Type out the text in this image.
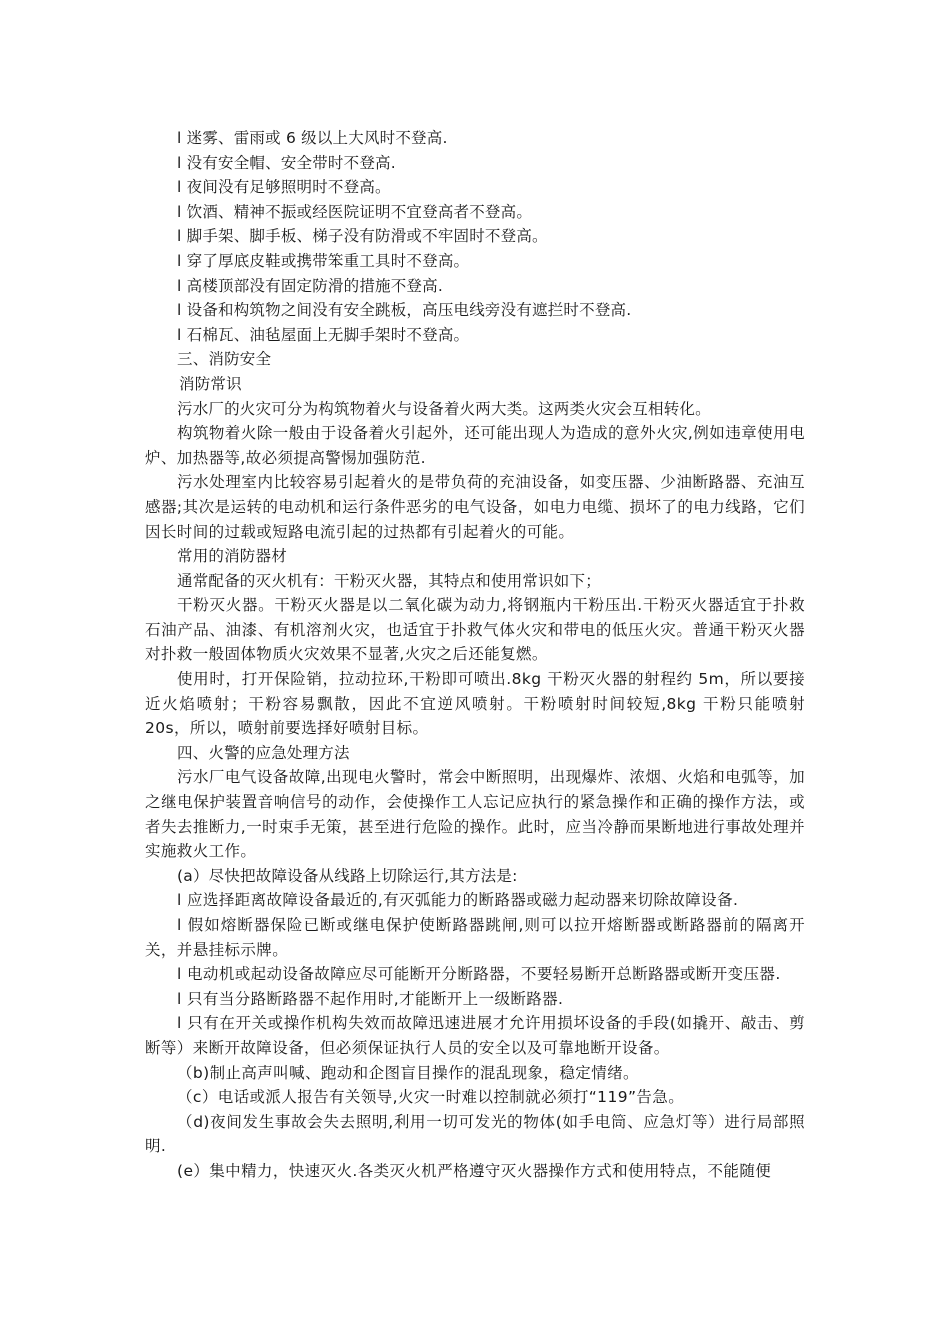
l 迷雾、雷雨或 6 级以上大风时不登高.
l 没有安全帽、安全带时不登高.
l 夜间没有足够照明时不登高。
l 饮酒、精神不振或经医院证明不宜登高者不登高。
l 脚手架、脚手板、梯子没有防滑或不牢固时不登高。
l 穿了厚底皮鞋或携带笨重工具时不登高。
l 高楼顶部没有固定防滑的措施不登高.
l 设备和构筑物之间没有安全跳板，高压电线旁没有遮拦时不登高.
l 石棉瓦、油毡屋面上无脚手架时不登高。
三、消防安全
消防常识
污水厂的火灾可分为构筑物着火与设备着火两大类。这两类火灾会互相转化。
构筑物着火除一般由于设备着火引起外，还可能出现人为造成的意外火灾,例如违章使用电炉、加热器等,故必须提高警惕加强防范.
污水处理室内比较容易引起着火的是带负荷的充油设备，如变压器、少油断路器、充油互感器;其次是运转的电动机和运行条件恶劣的电气设备，如电力电缆、损坏了的电力线路，它们因长时间的过载或短路电流引起的过热都有引起着火的可能。
常用的消防器材
通常配备的灭火机有：干粉灭火器，其特点和使用常识如下；
干粉灭火器。干粉灭火器是以二氧化碳为动力,将钢瓶内干粉压出.干粉灭火器适宜于扑救石油产品、油漆、有机溶剂火灾，也适宜于扑救气体火灾和带电的低压火灾。普通干粉灭火器对扑救一般固体物质火灾效果不显著,火灾之后还能复燃。
使用时，打开保险销，拉动拉环,干粉即可喷出.8kg 干粉灭火器的射程约 5m，所以要接近火焰喷射；干粉容易飘散，因此不宜逆风喷射。干粉喷射时间较短,8kg 干粉只能喷射 20s，所以，喷射前要选择好喷射目标。
四、火警的应急处理方法
污水厂电气设备故障,出现电火警时，常会中断照明，出现爆炸、浓烟、火焰和电弧等，加之继电保护装置音响信号的动作，会使操作工人忘记应执行的紧急操作和正确的操作方法，或者失去推断力,一时束手无策，甚至进行危险的操作。此时，应当冷静而果断地进行事故处理并实施救火工作。
(a）尽快把故障设备从线路上切除运行,其方法是:
l 应选择距离故障设备最近的,有灭弧能力的断路器或磁力起动器来切除故障设备.
l 假如熔断器保险已断或继电保护使断路器跳闸,则可以拉开熔断器或断路器前的隔离开关，并悬挂标示牌。
l 电动机或起动设备故障应尽可能断开分断路器，不要轻易断开总断路器或断开变压器.
l 只有当分路断路器不起作用时,才能断开上一级断路器.
l 只有在开关或操作机构失效而故障迅速进展才允许用损坏设备的手段(如撬开、敲击、剪断等）来断开故障设备，但必须保证执行人员的安全以及可靠地断开设备。
（b)制止高声叫喊、跑动和企图盲目操作的混乱现象，稳定情绪。
（c）电话或派人报告有关领导,火灾一时难以控制就必须打“119”告急。
（d)夜间发生事故会失去照明,利用一切可发光的物体(如手电筒、应急灯等）进行局部照明.
(e）集中精力，快速灭火.各类灭火机严格遵守灭火器操作方式和使用特点，不能随便
